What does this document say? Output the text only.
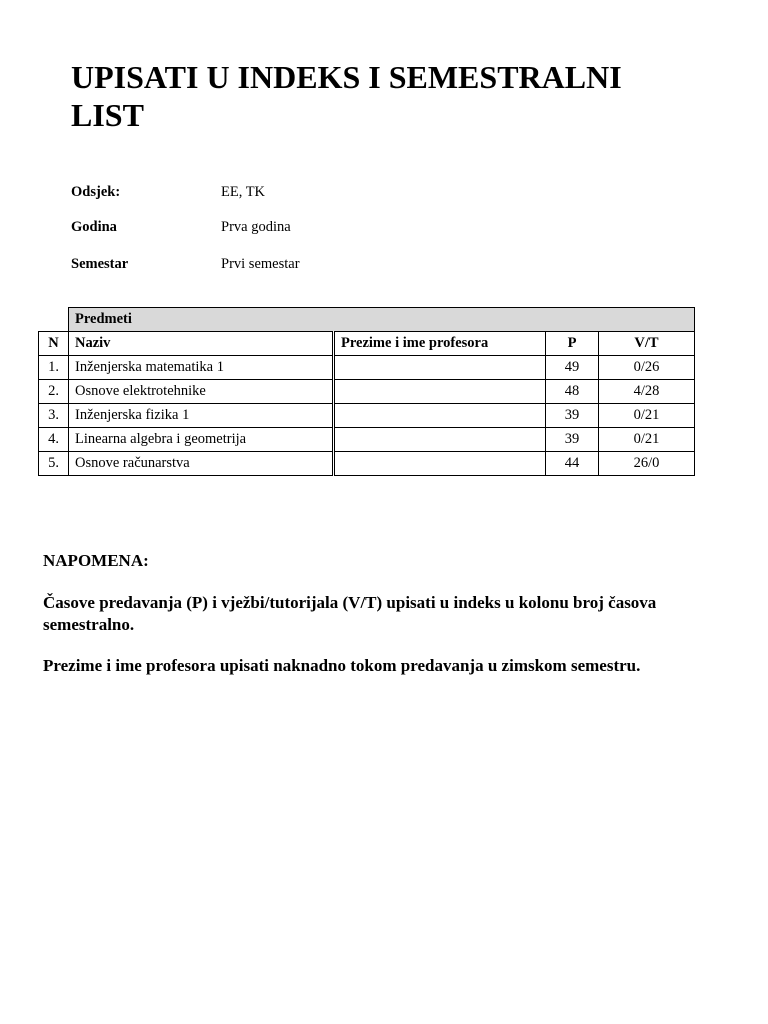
UPISATI U INDEKS I SEMESTRALNI LIST
Odsjek:	EE, TK
Godina	Prva godina
Semestar	Prvi semestar
	Predmeti			
N	Naziv	Prezime i ime profesora	P	V/T
1.	Inženjerska matematika 1		49	0/26
2.	Osnove elektrotehnike		48	4/28
3.	Inženjerska fizika 1		39	0/21
4.	Linearna algebra i geometrija		39	0/21
5.	Osnove računarstva		44	26/0

NAPOMENA:

Časove predavanja (P) i vježbi/tutorijala (V/T) upisati u indeks u kolonu broj časova semestralno.

Prezime i ime profesora upisati naknadno tokom predavanja u zimskom semestru.
